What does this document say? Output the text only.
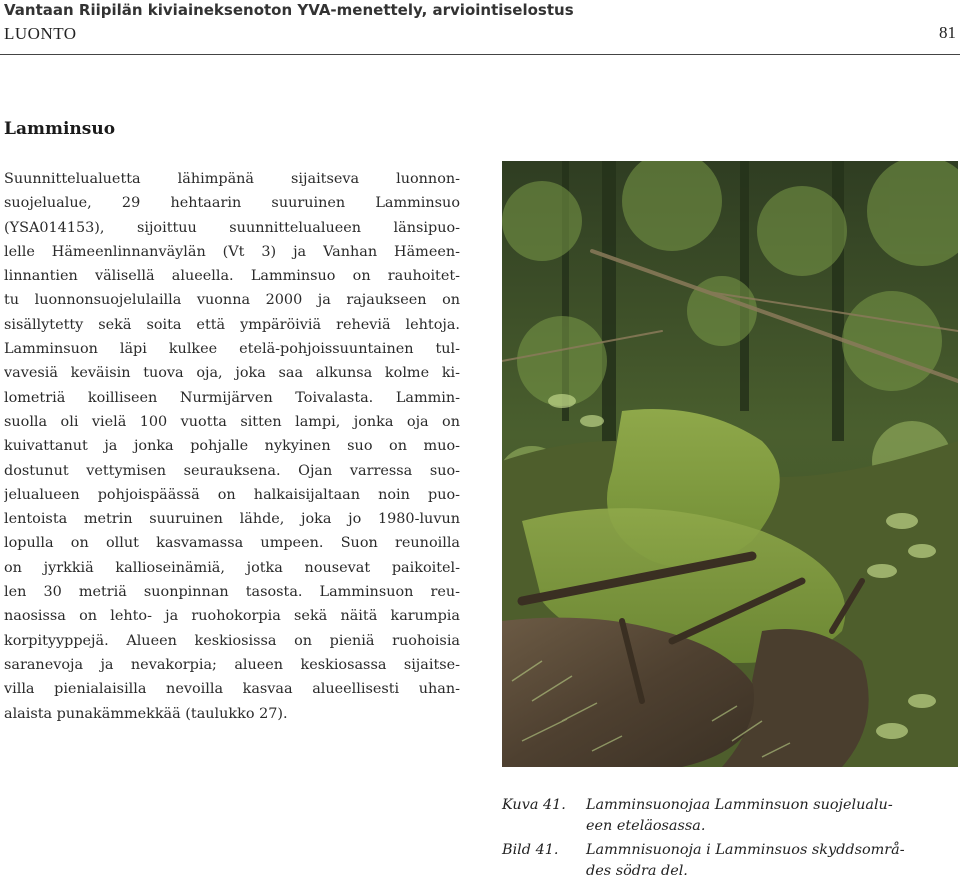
Vantaan Riipilän kiviaineksenoton YVA-menettely, arviointiselostus
LUONTO	81
Lamminsuo
Suunnittelualuetta lähimpänä sijaitseva luonnon-
suojelualue, 29 hehtaarin suuruinen Lamminsuo
(YSA014153), sijoittuu suunnittelualueen länsipuo-
lelle Hämeenlinnanväylän (Vt 3) ja Vanhan Hämeen-
linnantien välisellä alueella. Lamminsuo on rauhoitet-
tu luonnonsuojelulailla vuonna 2000 ja rajaukseen on
sisällytetty sekä soita että ympäröiviä reheviä lehtoja.
Lamminsuon läpi kulkee etelä-pohjoissuuntainen tul-
vavesiä keväisin tuova oja, joka saa alkunsa kolme ki-
lometriä koilliseen Nurmijärven Toivalasta. Lammin-
suolla oli vielä 100 vuotta sitten lampi, jonka oja on
kuivattanut ja jonka pohjalle nykyinen suo on muo-
dostunut vettymisen seurauksena. Ojan varressa suo-
jelualueen pohjoispäässä on halkaisijaltaan noin puo-
lentoista metrin suuruinen lähde, joka jo 1980-luvun
lopulla on ollut kasvamassa umpeen. Suon reunoilla
on jyrkkiä kallioseinämiä, jotka nousevat paikoitel-
len 30 metriä suonpinnan tasosta. Lamminsuon reu-
naosissa on lehto- ja ruohokorpia sekä näitä karumpia
korpityyppejä. Alueen keskiosissa on pieniä ruohoisia
saranevoja ja nevakorpia; alueen keskiosassa sijaitse-
villa pienialaisilla nevoilla kasvaa alueellisesti uhan-
alaista punakämmekkää (taulukko 27).
Kuva 41. Lamminsuonojaa Lamminsuon suojelualu-
een eteläosassa.
Bild 41. Lammnisuonoja i Lamminsuos skyddsområ-
des södra del.
